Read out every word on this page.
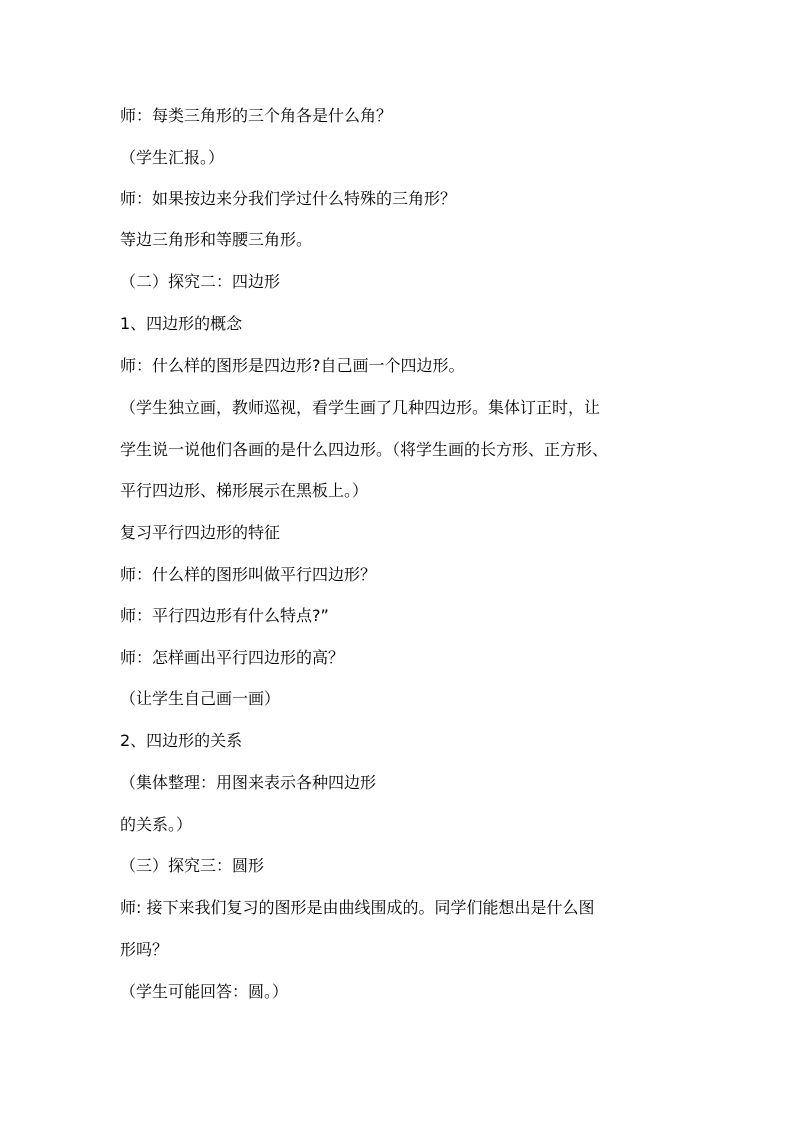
师：每类三角形的三个角各是什么角？
（学生汇报。）
师：如果按边来分我们学过什么特殊的三角形？
等边三角形和等腰三角形。
（二）探究二：四边形
1、四边形的概念
师：什么样的图形是四边形?自己画一个四边形。
（学生独立画，教师巡视，看学生画了几种四边形。集体订正时，让
学生说一说他们各画的是什么四边形。（将学生画的长方形、正方形、
平行四边形、梯形展示在黑板上。）
复习平行四边形的特征
师：什么样的图形叫做平行四边形？
师：平行四边形有什么特点?”
师：怎样画出平行四边形的高？
（让学生自己画一画）
2、四边形的关系
（集体整理：用图来表示各种四边形
的关系。）
（三）探究三：圆形
师: 接下来我们复习的图形是由曲线围成的。同学们能想出是什么图
形吗？
（学生可能回答：圆。）
